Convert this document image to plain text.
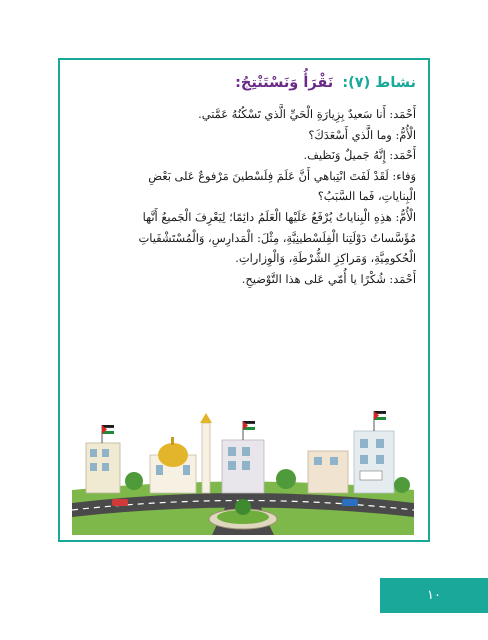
نشاط (٧): نَقْرَأُ وَنَسْتَنْتِجُ:
أَحْمَد: أَنا سَعيدٌ بِزِيارَةِ الْحَيِّ الَّذي تَسْكُنُهُ عَمَّتي.
الْأُمُّ: وما الَّذي أَسْعَدَكَ؟
أَحْمَد: إِنَّهُ جَميلٌ وَنَظيف.
وَفاء: لَقَدْ لَفَتَ انْتِباهي أَنَّ عَلَمَ فِلَسْطينَ مَرْفوعٌ عَلى بَعْضِ
الْبِناياتِ، فَما السَّبَبُ؟
الْأُمُّ: هذِهِ الْبِناياتُ يُرْفَعُ عَلَيْها الْعَلَمُ دائِمًا؛ لِيَعْرِفَ الْجَميعُ أَنَّها
مُؤَسَّساتُ دَوْلَتِنا الْفِلَسْطينِيَّةِ، مِثْلَ: الْمَدارِسِ، وَالْمُسْتَشْفَياتِ
الْحُكومِيَّةِ، وَمَراكِزِ الشُّرْطَةِ، وَالْوِزاراتِ.
أَحْمَد: شُكْرًا يا أُمّي عَلى هذا التَّوْضيحِ.
١٠
